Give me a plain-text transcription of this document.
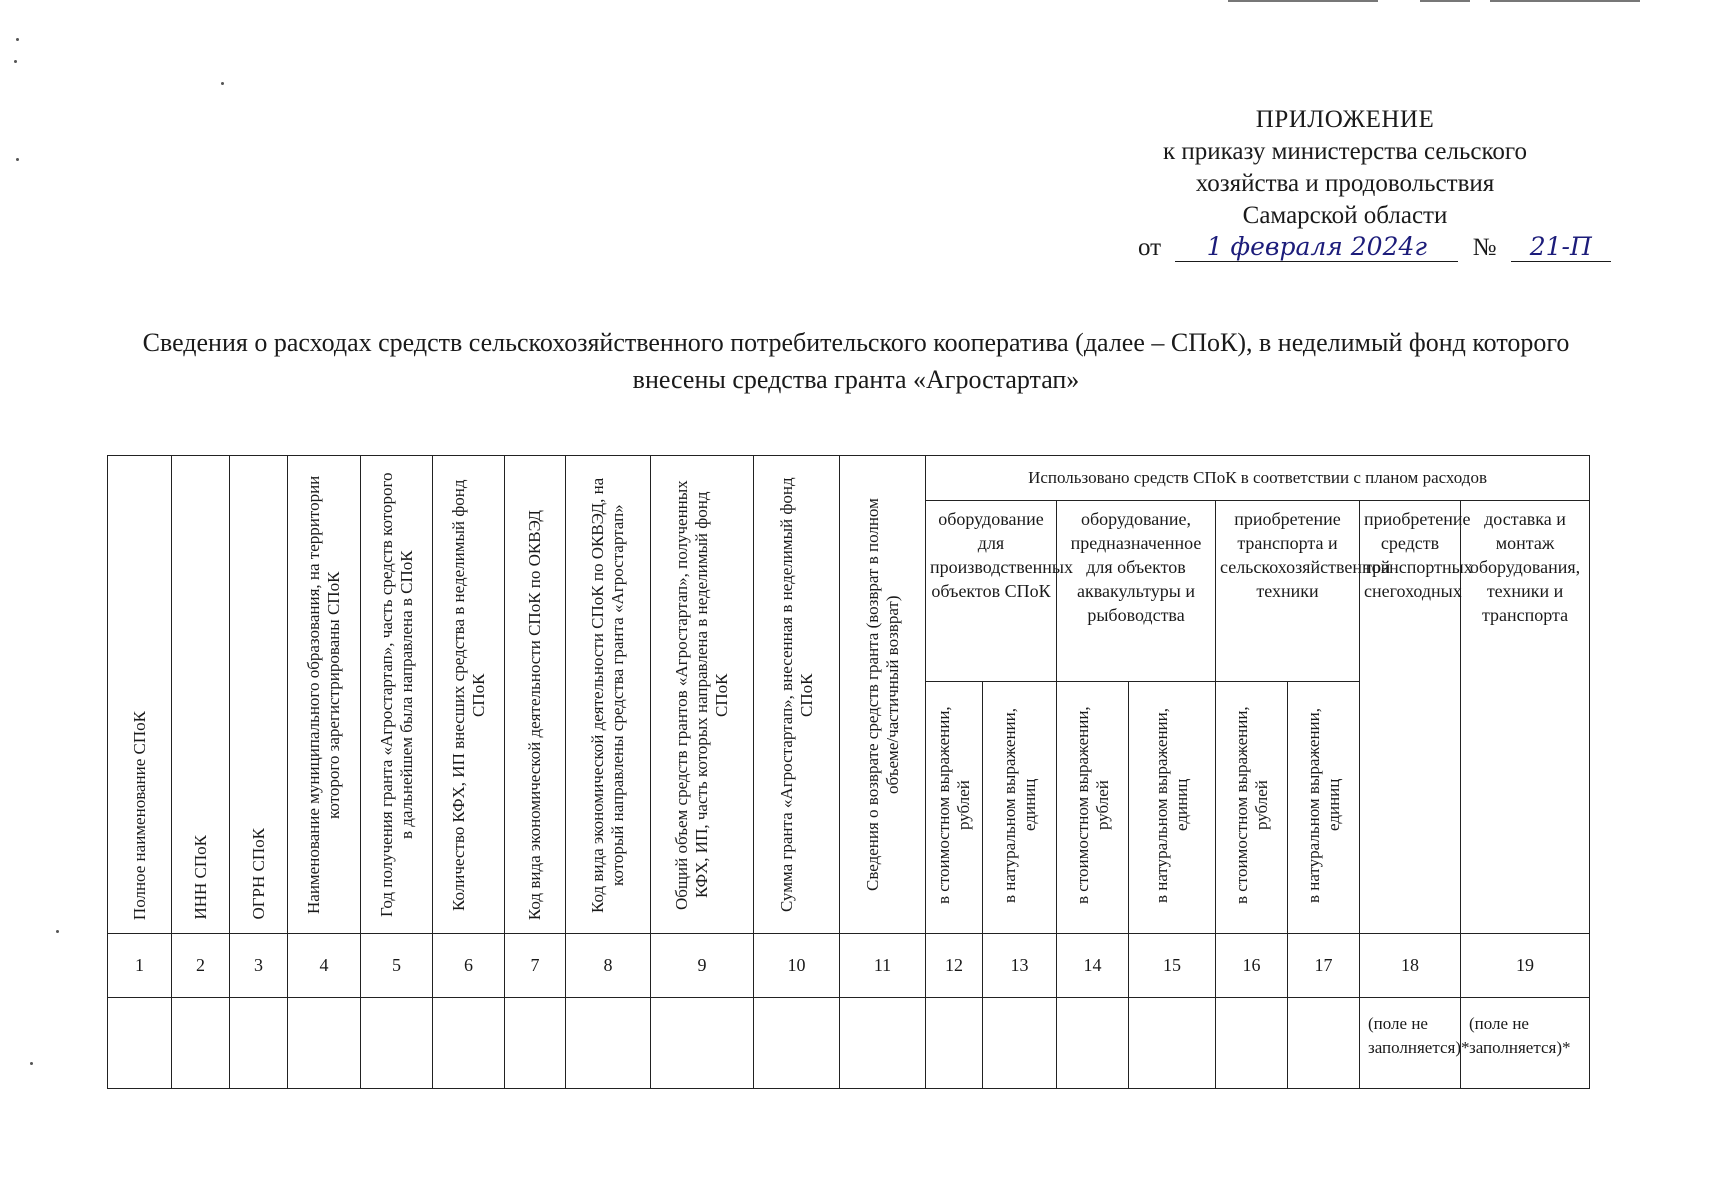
ПРИЛОЖЕНИЕ
к приказу министерства сельского
хозяйства и продовольствия
Самарской области
от 1 февраля 2024г № 21-П
Сведения о расходах средств сельскохозяйственного потребительского кооператива (далее – СПоК), в неделимый фонд которого внесены средства гранта «Агростартап»
Полное наименование СПоК	ИНН СПоК	ОГРН СПоК	Наименование муниципального образования, на территории которого зарегистрированы СПоК	Год получения гранта «Агростартап», часть средств которого в дальнейшем была направлена в СПоК	Количество КФХ, ИП внесших средства в неделимый фонд СПоК	Код вида экономической деятельности СПоК по ОКВЭД	Код вида экономической деятельности СПоК по ОКВЭД, на который направлены средства гранта «Агростартап»	Общий объем средств грантов «Агростартап», полученных КФХ, ИП, часть которых направлена в неделимый фонд СПоК	Сумма гранта «Агростартап», внесенная в неделимый фонд СПоК	Сведения о возврате средств гранта (возврат в полном объеме/частичный возврат)	Использовано средств СПоК в соответствии с планом расходов							
											оборудование для производственных объектов СПоК		оборудование, предназначенное для объектов аквакультуры и рыбоводства		приобретение транспорта и сельскохозяйственной техники		приобретение средств транспортных снегоходных	доставка и монтаж оборудования, техники и транспорта
											в стоимостном выражении, рублей	в натуральном выражении, единиц	в стоимостном выражении, рублей	в натуральном выражении, единиц	в стоимостном выражении, рублей	в натуральном выражении, единиц		
1	2	3	4	5	6	7	8	9	10	11	12	13	14	15	16	17	18	19
																	(поле не заполняется)*	(поле не заполняется)*
